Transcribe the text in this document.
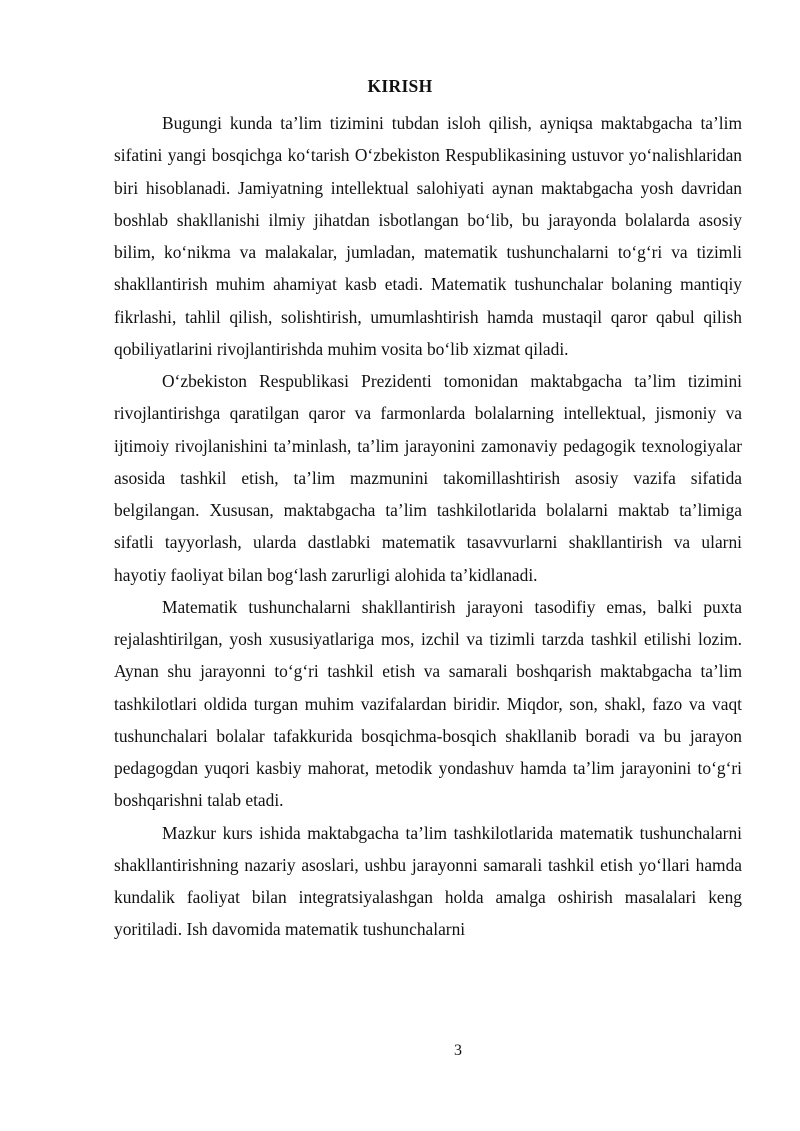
KIRISH

Bugungi kunda ta’lim tizimini tubdan isloh qilish, ayniqsa maktabgacha ta’lim sifatini yangi bosqichga ko‘tarish O‘zbekiston Respublikasining ustuvor yo‘nalishlaridan biri hisoblanadi. Jamiyatning intellektual salohiyati aynan maktabgacha yosh davridan boshlab shakllanishi ilmiy jihatdan isbotlangan bo‘lib, bu jarayonda bolalarda asosiy bilim, ko‘nikma va malakalar, jumladan, matematik tushunchalarni to‘g‘ri va tizimli shakllantirish muhim ahamiyat kasb etadi. Matematik tushunchalar bolaning mantiqiy fikrlashi, tahlil qilish, solishtirish, umumlashtirish hamda mustaqil qaror qabul qilish qobiliyatlarini rivojlantirishda muhim vosita bo‘lib xizmat qiladi.

O‘zbekiston Respublikasi Prezidenti tomonidan maktabgacha ta’lim tizimini rivojlantirishga qaratilgan qaror va farmonlarda bolalarning intellektual, jismoniy va ijtimoiy rivojlanishini ta’minlash, ta’lim jarayonini zamonaviy pedagogik texnologiyalar asosida tashkil etish, ta’lim mazmunini takomillashtirish asosiy vazifa sifatida belgilangan. Xususan, maktabgacha ta’lim tashkilotlarida bolalarni maktab ta’limiga sifatli tayyorlash, ularda dastlabki matematik tasavvurlarni shakllantirish va ularni hayotiy faoliyat bilan bog‘lash zarurligi alohida ta’kidlanadi.

Matematik tushunchalarni shakllantirish jarayoni tasodifiy emas, balki puxta rejalashtirilgan, yosh xususiyatlariga mos, izchil va tizimli tarzda tashkil etilishi lozim. Aynan shu jarayonni to‘g‘ri tashkil etish va samarali boshqarish maktabgacha ta’lim tashkilotlari oldida turgan muhim vazifalardan biridir. Miqdor, son, shakl, fazo va vaqt tushunchalari bolalar tafakkurida bosqichma-bosqich shakllanib boradi va bu jarayon pedagogdan yuqori kasbiy mahorat, metodik yondashuv hamda ta’lim jarayonini to‘g‘ri boshqarishni talab etadi.

Mazkur kurs ishida maktabgacha ta’lim tashkilotlarida matematik tushunchalarni shakllantirishning nazariy asoslari, ushbu jarayonni samarali tashkil etish yo‘llari hamda kundalik faoliyat bilan integratsiyalashgan holda amalga oshirish masalalari keng yoritiladi. Ish davomida matematik tushunchalarni

3
